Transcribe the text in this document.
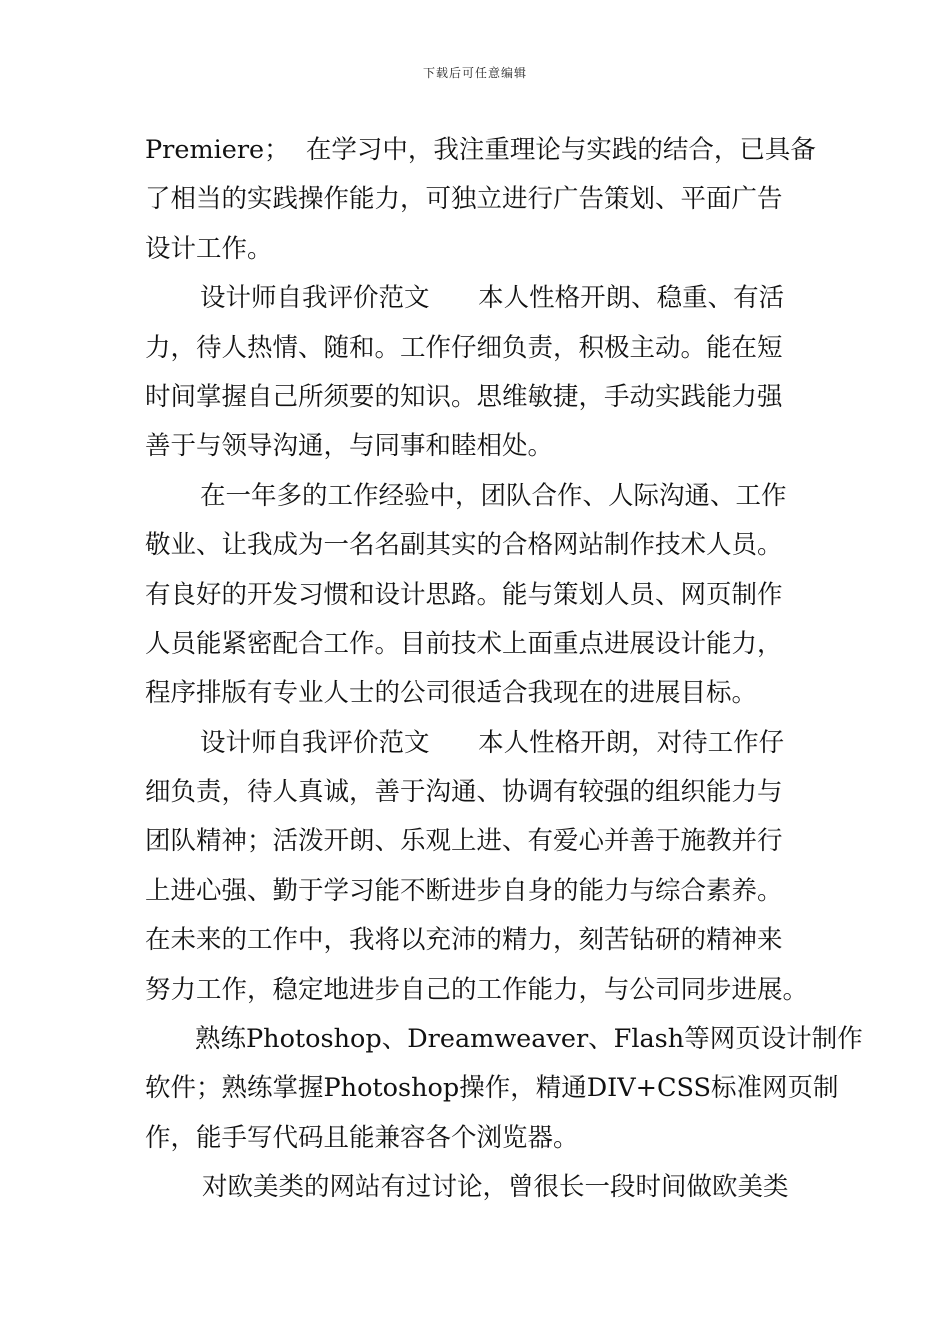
下载后可任意编辑
Premiere；  在学习中，我注重理论与实践的结合，已具备
了相当的实践操作能力，可独立进行广告策划、平面广告
设计工作。
设计师自我评价范文      本人性格开朗、稳重、有活
力，待人热情、随和。工作仔细负责，积极主动。能在短
时间掌握自己所须要的知识。思维敏捷，手动实践能力强
善于与领导沟通，与同事和睦相处。
在一年多的工作经验中，团队合作、人际沟通、工作
敬业、让我成为一名名副其实的合格网站制作技术人员。
有良好的开发习惯和设计思路。能与策划人员、网页制作
人员能紧密配合工作。目前技术上面重点进展设计能力，
程序排版有专业人士的公司很适合我现在的进展目标。
设计师自我评价范文      本人性格开朗，对待工作仔
细负责，待人真诚，善于沟通、协调有较强的组织能力与
团队精神；活泼开朗、乐观上进、有爱心并善于施教并行
上进心强、勤于学习能不断进步自身的能力与综合素养。
在未来的工作中，我将以充沛的精力，刻苦钻研的精神来
努力工作，稳定地进步自己的工作能力，与公司同步进展。
熟练Photoshop、Dreamweaver、Flash等网页设计制作
软件；熟练掌握Photoshop操作，精通DIV+CSS标准网页制
作，能手写代码且能兼容各个浏览器。
对欧美类的网站有过讨论，曾很长一段时间做欧美类
